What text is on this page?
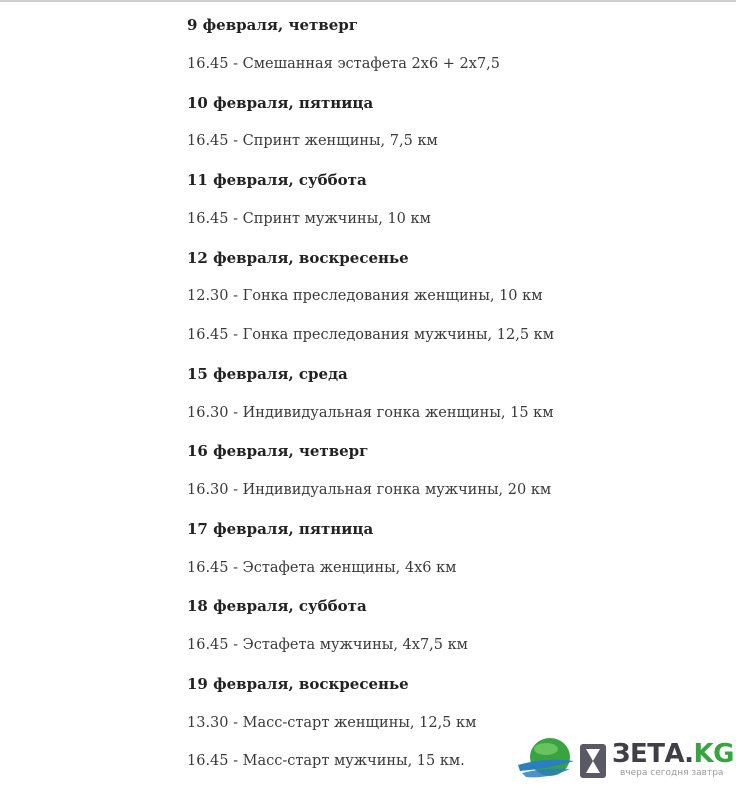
9 февраля, четверг
16.45 - Смешанная эстафета 2х6 + 2х7,5
10 февраля, пятница
16.45 - Спринт женщины, 7,5 км
11 февраля, суббота
16.45 - Спринт мужчины, 10 км
12 февраля, воскресенье
12.30 - Гонка преследования женщины, 10 км
16.45 - Гонка преследования мужчины, 12,5 км
15 февраля, среда
16.30 - Индивидуальная гонка женщины, 15 км
16 февраля, четверг
16.30 - Индивидуальная гонка мужчины, 20 км
17 февраля, пятница
16.45 - Эстафета женщины, 4х6 км
18 февраля, суббота
16.45 - Эстафета мужчины, 4х7,5 км
19 февраля, воскресенье
13.30 - Масс-старт женщины, 12,5 км
16.45 - Масс-старт мужчины, 15 км.	ЗЕТА.KG
вчера сегодня завтра
